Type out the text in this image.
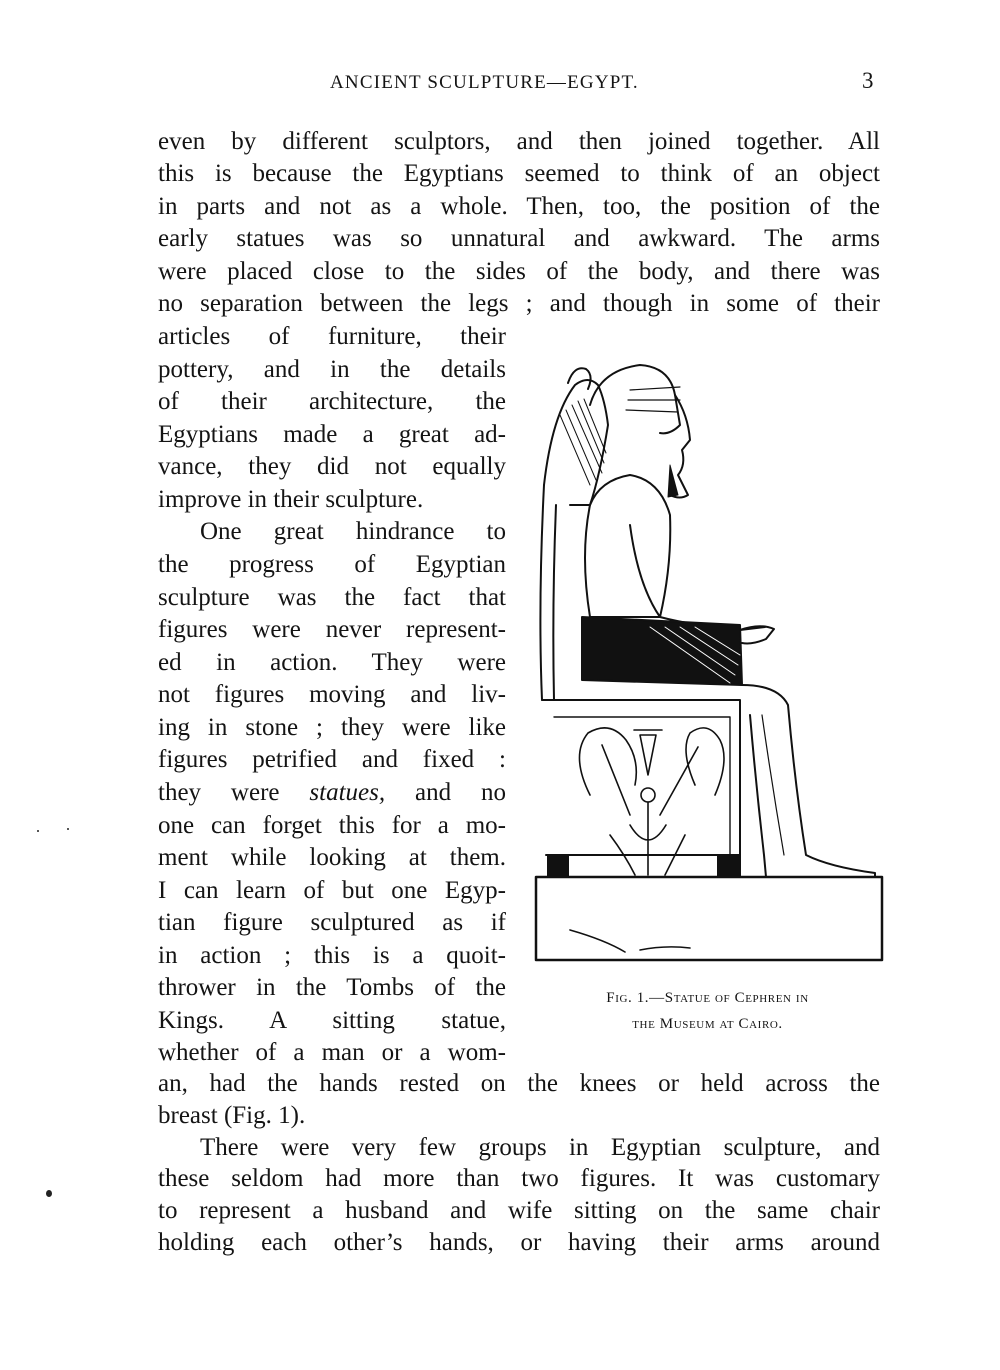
ANCIENT SCULPTURE—EGYPT.	3
even by different sculptors, and then joined together. All
this is because the Egyptians seemed to think of an object
in parts and not as a whole. Then, too, the position of the
early statues was so unnatural and awkward. The arms
were placed close to the sides of the body, and there was
no separation between the legs ; and though in some of their
articles of furniture, their
pottery, and in the details
of their architecture, the
Egyptians made a great ad-
vance, they did not equally
improve in their sculpture.
One great hindrance to
the progress of Egyptian
sculpture was the fact that
figures were never represent-
ed in action. They were
not figures moving and liv-
ing in stone ; they were like
figures petrified and fixed :
they were statues, and no
one can forget this for a mo-
ment while looking at them.
I can learn of but one Egyp-
tian figure sculptured as if
in action ; this is a quoit-
thrower in the Tombs of the
Kings. A sitting statue,
whether of a man or a wom-
an, had the hands rested on the knees or held across the
breast (Fig. 1).
There were very few groups in Egyptian sculpture, and
these seldom had more than two figures. It was customary
to represent a husband and wife sitting on the same chair
holding each other’s hands, or having their arms around
Fig. 1.—Statue of Cephren in
the Museum at Cairo.
